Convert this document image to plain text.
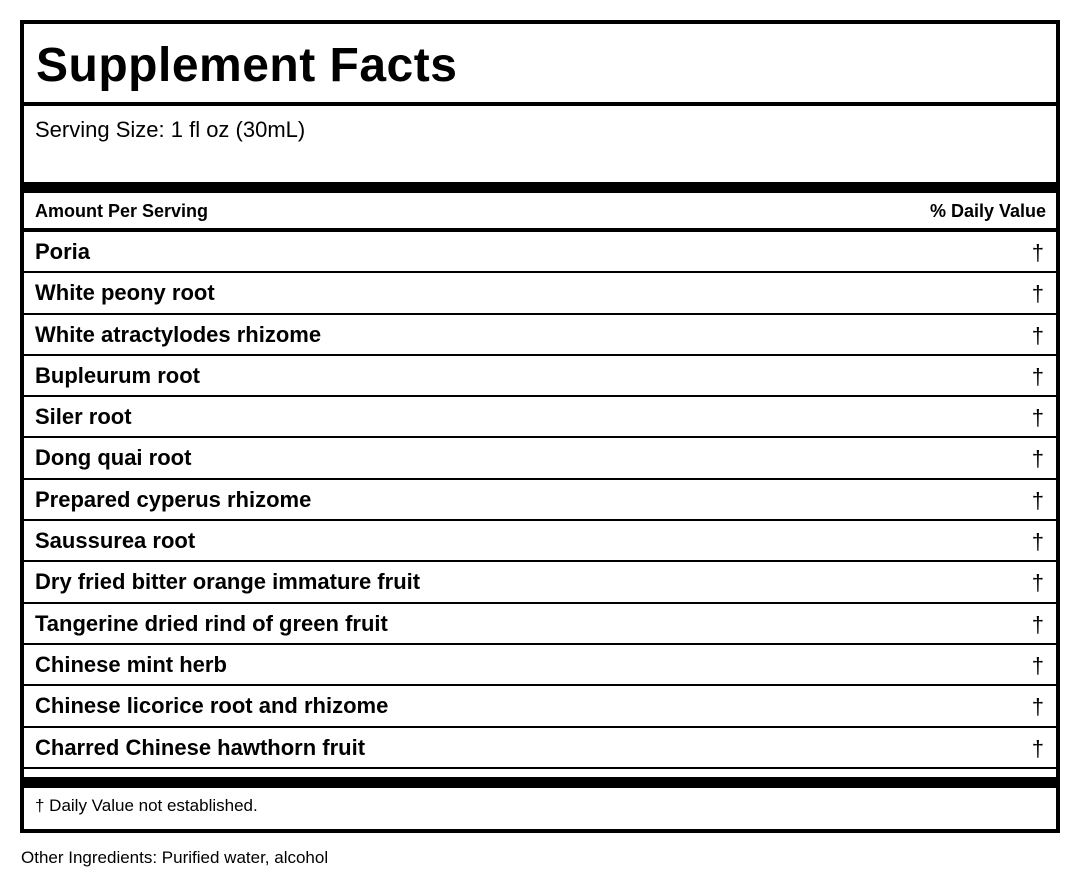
Supplement Facts
Serving Size: 1 fl oz (30mL)
Amount Per Serving	% Daily Value
Poria	†
White peony root	†
White atractylodes rhizome	†
Bupleurum root	†
Siler root	†
Dong quai root	†
Prepared cyperus rhizome	†
Saussurea root	†
Dry fried bitter orange immature fruit	†
Tangerine dried rind of green fruit	†
Chinese mint herb	†
Chinese licorice root and rhizome	†
Charred Chinese hawthorn fruit	†
† Daily Value not established.
Other Ingredients: Purified water, alcohol
